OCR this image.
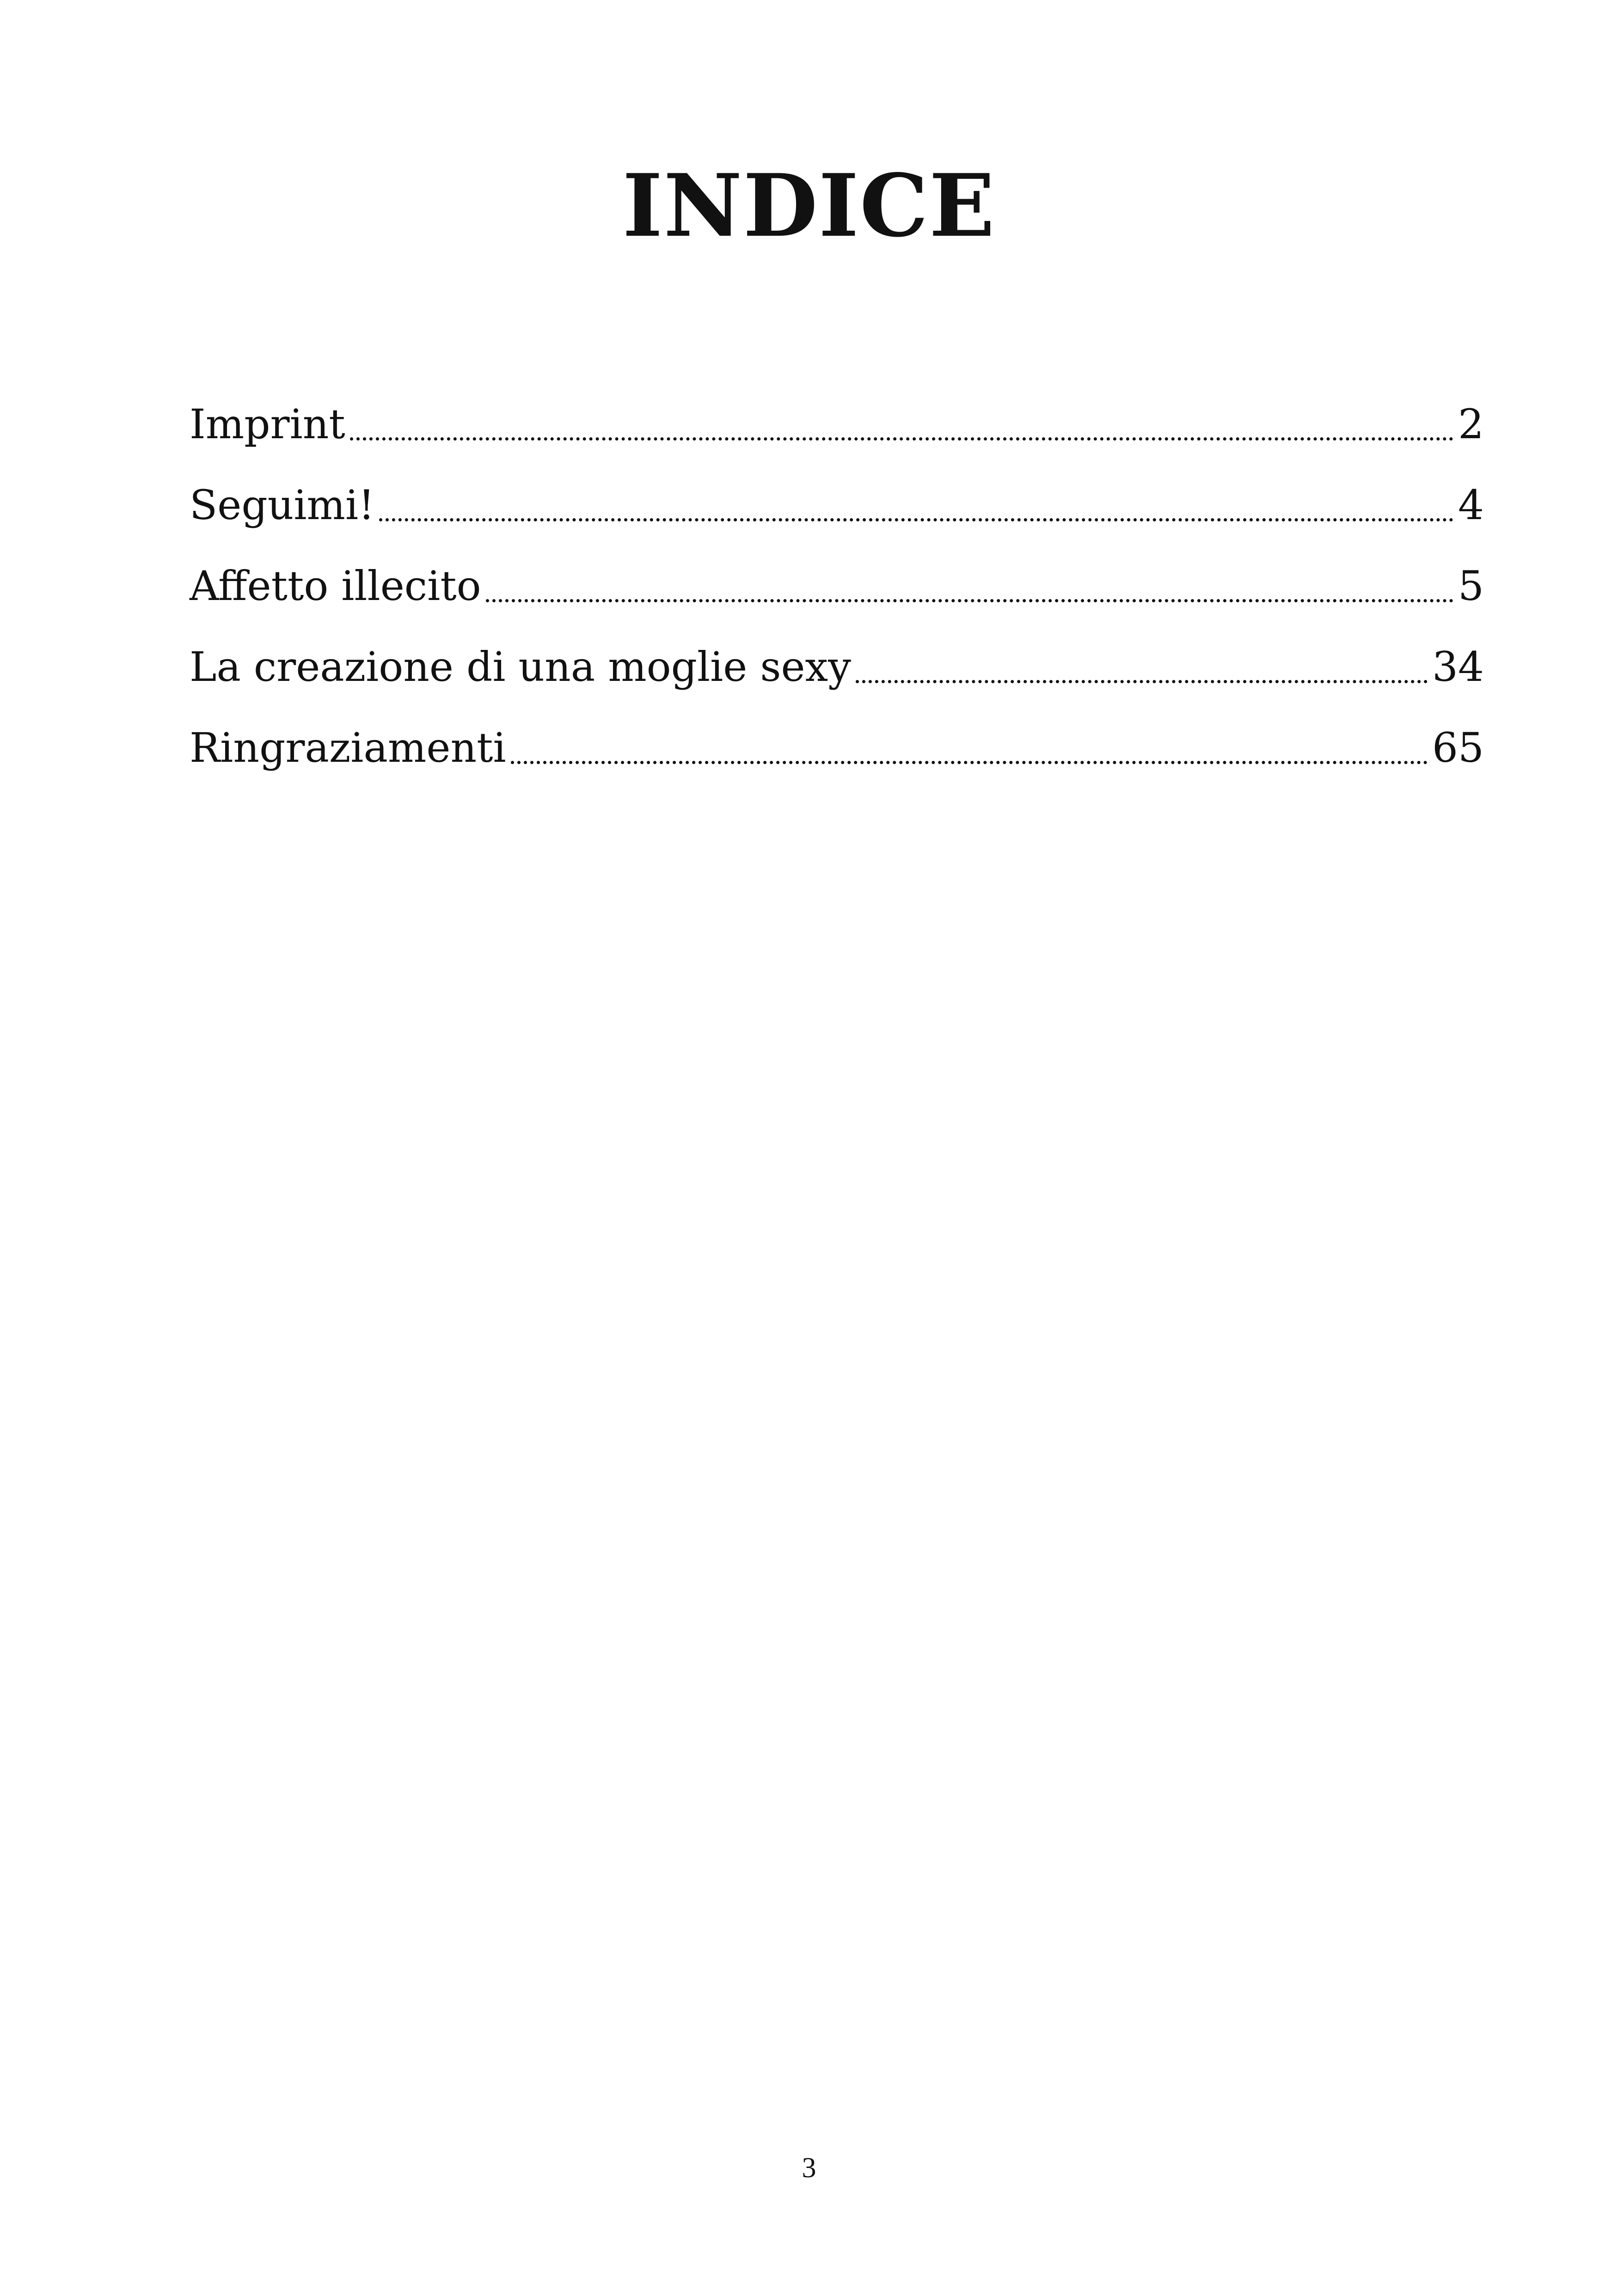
INDICE
Imprint	2
Seguimi!	4
Affetto illecito	5
La creazione di una moglie sexy	34
Ringraziamenti	65
3
